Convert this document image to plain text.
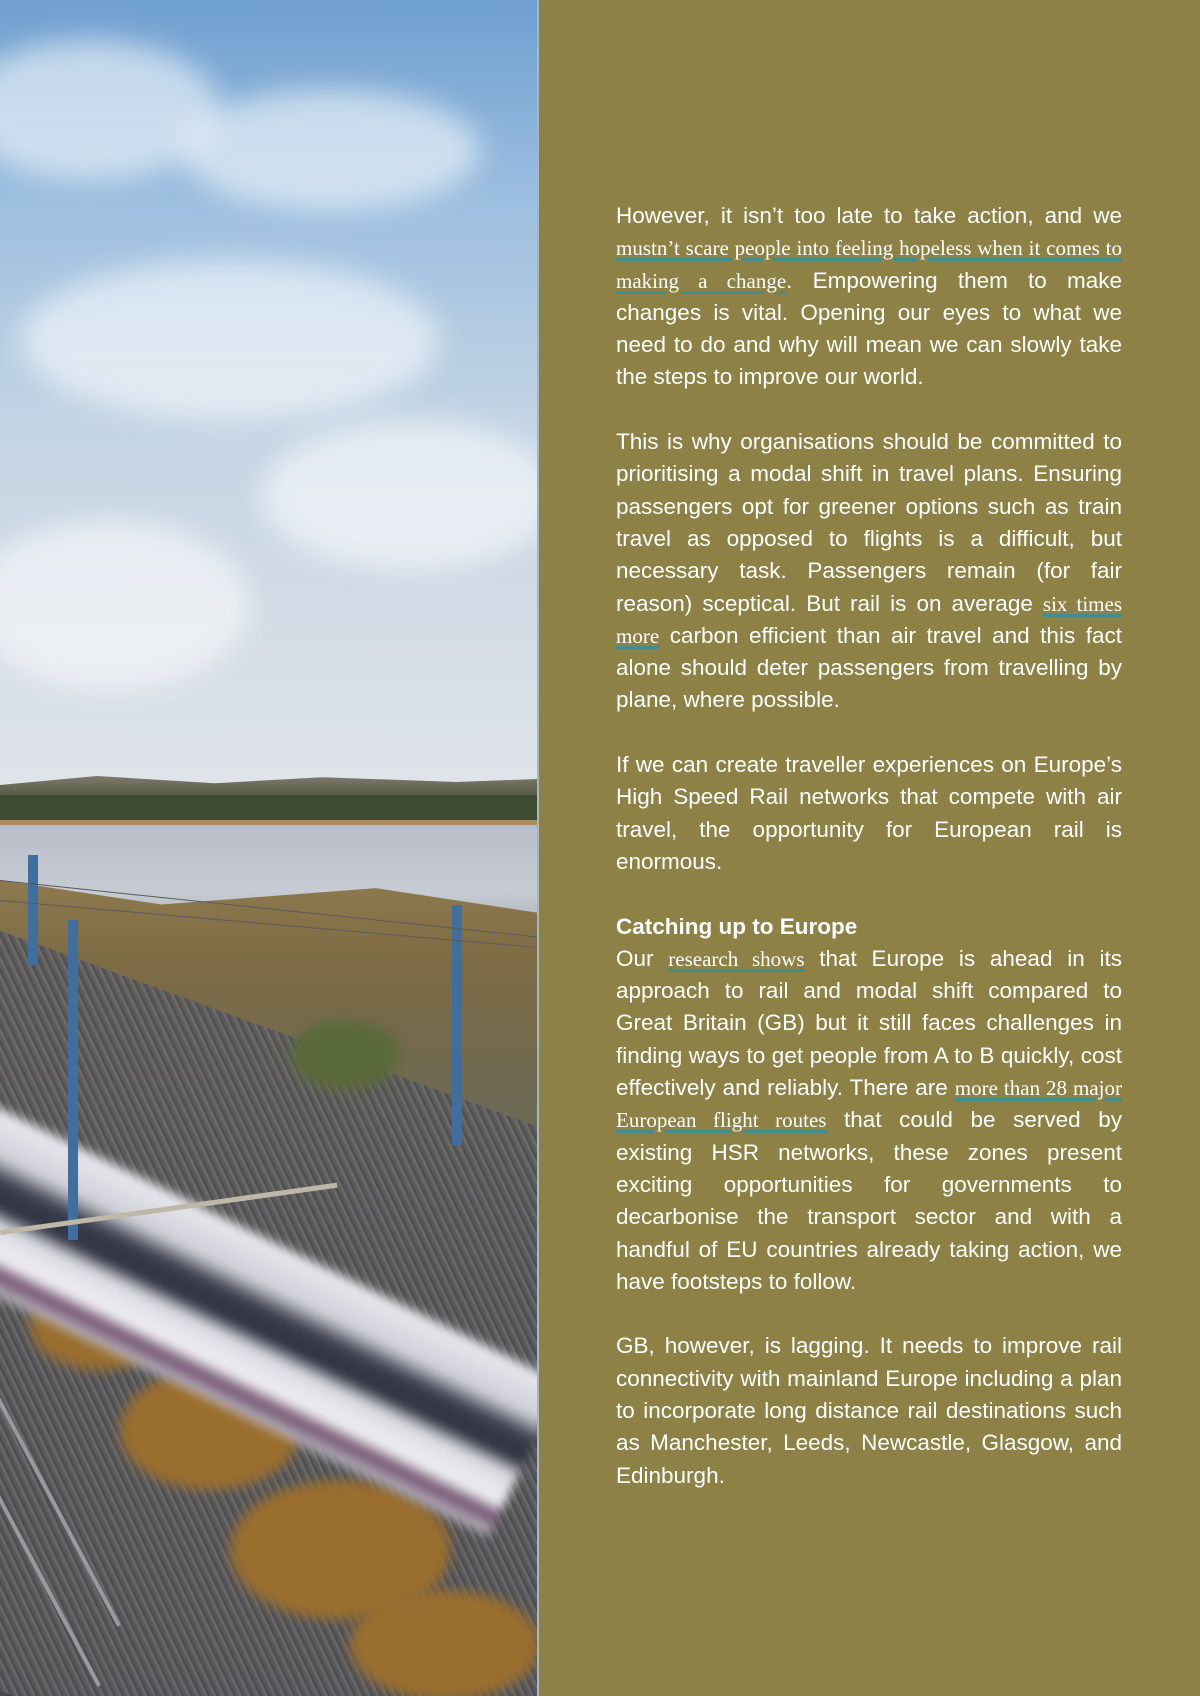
However, it isn’t too late to take action, and we mustn’t scare people into feeling hopeless when it comes to making a change. Empowering them to make changes is vital. Opening our eyes to what we need to do and why will mean we can slowly take the steps to improve our world.

This is why organisations should be committed to prioritising a modal shift in travel plans. Ensuring passengers opt for greener options such as train travel as opposed to flights is a difficult, but necessary task. Passengers remain (for fair reason) sceptical. But rail is on average six times more carbon efficient than air travel and this fact alone should deter passengers from travelling by plane, where possible.

If we can create traveller experiences on Europe’s High Speed Rail networks that compete with air travel, the opportunity for European rail is enormous.

Catching up to Europe

Our research shows that Europe is ahead in its approach to rail and modal shift compared to Great Britain (GB) but it still faces challenges in finding ways to get people from A to B quickly, cost effectively and reliably. There are more than 28 major European flight routes that could be served by existing HSR networks, these zones present exciting opportunities for governments to decarbonise the transport sector and with a handful of EU countries already taking action, we have footsteps to follow.

GB, however, is lagging. It needs to improve rail connectivity with mainland Europe including a plan to incorporate long distance rail destinations such as Manchester, Leeds, Newcastle, Glasgow, and Edinburgh.
